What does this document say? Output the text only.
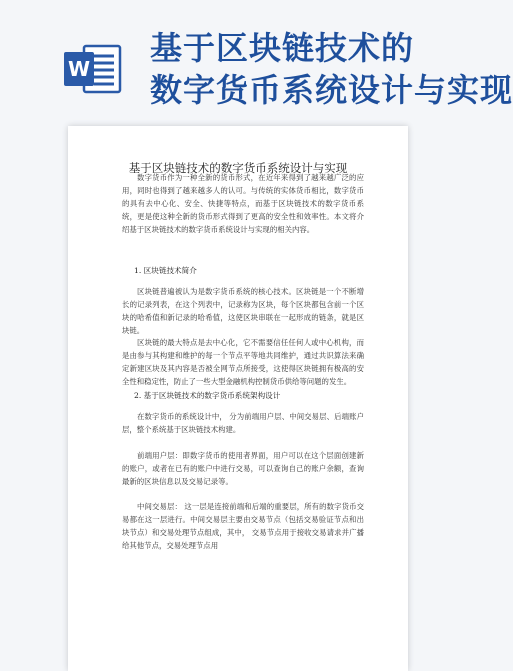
W
基于区块链技术的
数字货币系统设计与实现
基于区块链技术的数字货币系统设计与实现

数字货币作为一种全新的货币形式，在近年来得到了越来越广泛的应用，同时也得到了越来越多人的认可。与传统的实体货币相比，数字货币的具有去中心化、安全、快捷等特点，而基于区块链技术的数字货币系统，更是使这种全新的货币形式得到了更高的安全性和效率性。本文将介绍基于区块链技术的数字货币系统设计与实现的相关内容。

1. 区块链技术简介

区块链普遍被认为是数字货币系统的核心技术。区块链是一个不断增长的记录列表，在这个列表中，记录称为区块，每个区块都包含前一个区块的哈希值和新记录的哈希值，这使区块串联在一起形成的链条，就是区块链。

区块链的最大特点是去中心化，它不需要信任任何人或中心机构，而是由参与其构建和维护的每一个节点平等地共同维护，通过共识算法来确定新建区块及其内容是否被全网节点所接受，这使得区块链拥有极高的安全性和稳定性，防止了一些大型金融机构控制货币供给等问题的发生。

2. 基于区块链技术的数字货币系统架构设计

在数字货币的系统设计中， 分为前端用户层、中间交易层、后端账户层，整个系统基于区块链技术构建。

前端用户层：即数字货币的使用者界面，用户可以在这个层面创建新的账户，或者在已有的账户中进行交易，可以查询自己的账户余额，查询最新的区块信息以及交易记录等。

中间交易层： 这一层是连接前端和后端的重要层，所有的数字货币交易都在这一层进行。中间交易层主要由交易节点（包括交易验证节点和出块节点）和交易处理节点组成，其中， 交易节点用于接收交易请求并广播给其他节点，交易处理节点用
